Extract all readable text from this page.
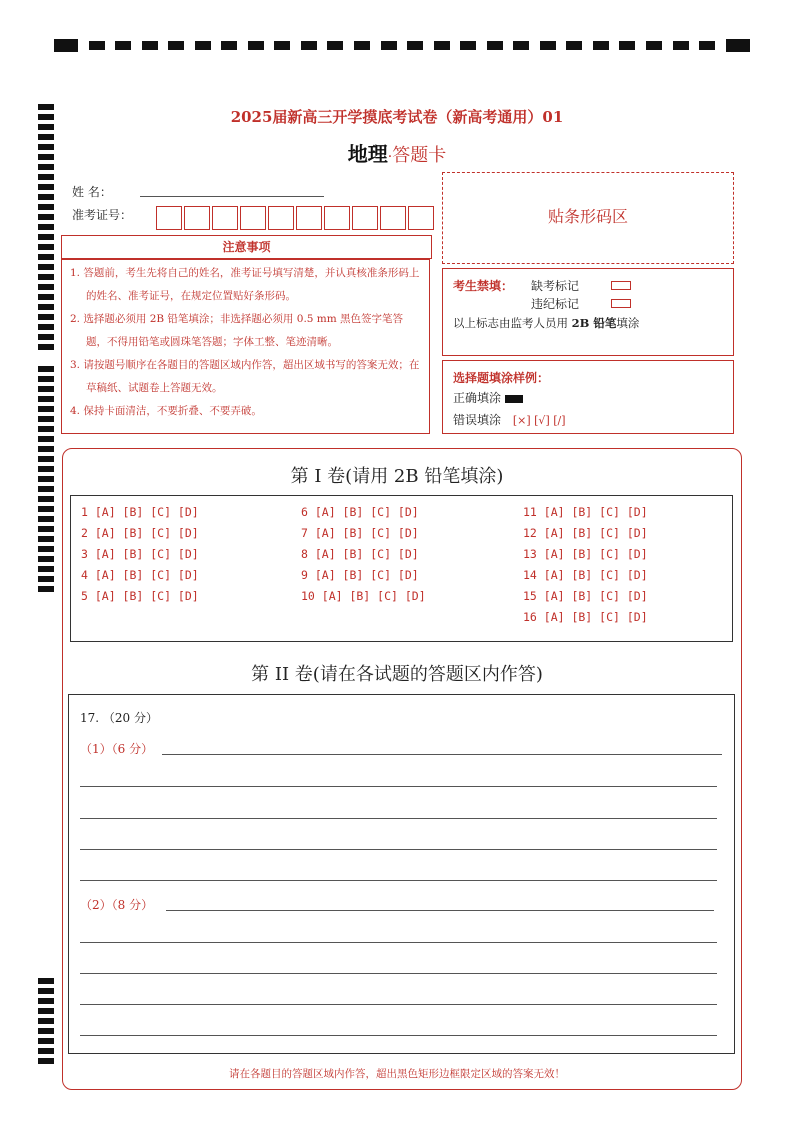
2025届新高三开学摸底考试卷（新高考通用）01
地理·答题卡
姓 名：
准考证号：	贴条形码区
注意事项

1. 答题前，考生先将自己的姓名，准考证号填写清楚，并认真核准条形码上的姓名、准考证号，在规定位置贴好条形码。

2. 选择题必须用 2B 铅笔填涂；非选择题必须用 0.5 mm 黑色签字笔答题，不得用铅笔或圆珠笔答题；字体工整、笔迹清晰。

3. 请按题号顺序在各题目的答题区域内作答，超出区域书写的答案无效；在草稿纸、试题卷上答题无效。

4. 保持卡面清洁，不要折叠、不要弄破。

考生禁填： 缺考标记
违纪标记
以上标志由监考人员用 2B 铅笔填涂
选择题填涂样例：
正确填涂
错误填涂 [×] [√] [/]
第 I 卷(请用 2B 铅笔填涂)
1 [A] [B] [C] [D]
2 [A] [B] [C] [D]
3 [A] [B] [C] [D]
4 [A] [B] [C] [D]
5 [A] [B] [C] [D]
6 [A] [B] [C] [D]
7 [A] [B] [C] [D]
8 [A] [B] [C] [D]
9 [A] [B] [C] [D]
10 [A] [B] [C] [D]
11 [A] [B] [C] [D]
12 [A] [B] [C] [D]
13 [A] [B] [C] [D]
14 [A] [B] [C] [D]
15 [A] [B] [C] [D]
16 [A] [B] [C] [D]
第 II 卷(请在各试题的答题区内作答)
17. （20 分）
（1）（6 分）
（2）（8 分）
请在各题目的答题区域内作答，超出黑色矩形边框限定区域的答案无效！
